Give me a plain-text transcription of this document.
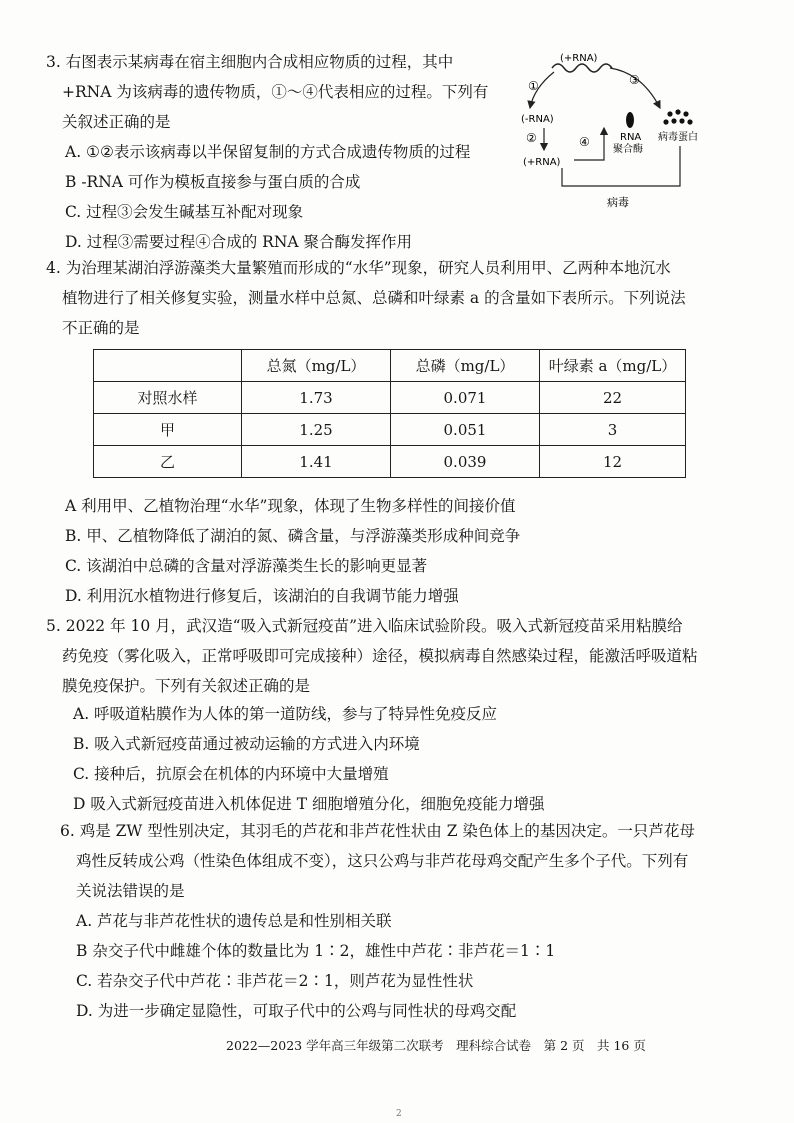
3. 右图表示某病毒在宿主细胞内合成相应物质的过程，其中
+RNA 为该病毒的遗传物质，①～④代表相应的过程。下列有
关叙述正确的是
A. ①②表示该病毒以半保留复制的方式合成遗传物质的过程
B -RNA 可作为模板直接参与蛋白质的合成
C. 过程③会发生碱基互补配对现象
D. 过程③需要过程④合成的 RNA 聚合酶发挥作用
(+RNA)
①	③
(-RNA)
②
(+RNA)
④	RNA
聚合酶
病毒蛋白
病毒
4. 为治理某湖泊浮游藻类大量繁殖而形成的“水华”现象，研究人员利用甲、乙两种本地沉水
植物进行了相关修复实验，测量水样中总氮、总磷和叶绿素 a 的含量如下表所示。下列说法
不正确的是
	总氮（mg/L）	总磷（mg/L）	叶绿素 a（mg/L）
对照水样	1.73	0.071	22
甲	1.25	0.051	3
乙	1.41	0.039	12
A 利用甲、乙植物治理“水华”现象，体现了生物多样性的间接价值
B. 甲、乙植物降低了湖泊的氮、磷含量，与浮游藻类形成种间竞争
C. 该湖泊中总磷的含量对浮游藻类生长的影响更显著
D. 利用沉水植物进行修复后，该湖泊的自我调节能力增强
5. 2022 年 10 月，武汉造“吸入式新冠疫苗”进入临床试验阶段。吸入式新冠疫苗采用粘膜给
药免疫（雾化吸入，正常呼吸即可完成接种）途径，模拟病毒自然感染过程，能激活呼吸道粘
膜免疫保护。下列有关叙述正确的是
A. 呼吸道粘膜作为人体的第一道防线，参与了特异性免疫反应
B. 吸入式新冠疫苗通过被动运输的方式进入内环境
C. 接种后，抗原会在机体的内环境中大量增殖
D 吸入式新冠疫苗进入机体促进 T 细胞增殖分化，细胞免疫能力增强
6. 鸡是 ZW 型性别决定，其羽毛的芦花和非芦花性状由 Z 染色体上的基因决定。一只芦花母
鸡性反转成公鸡（性染色体组成不变），这只公鸡与非芦花母鸡交配产生多个子代。下列有
关说法错误的是
A. 芦花与非芦花性状的遗传总是和性别相关联
B 杂交子代中雌雄个体的数量比为 1∶2，雄性中芦花∶非芦花＝1∶1
C. 若杂交子代中芦花∶非芦花＝2∶1，则芦花为显性性状
D. 为进一步确定显隐性，可取子代中的公鸡与同性状的母鸡交配
2022—2023 学年高三年级第二次联考　理科综合试卷　第 2 页　共 16 页
2
